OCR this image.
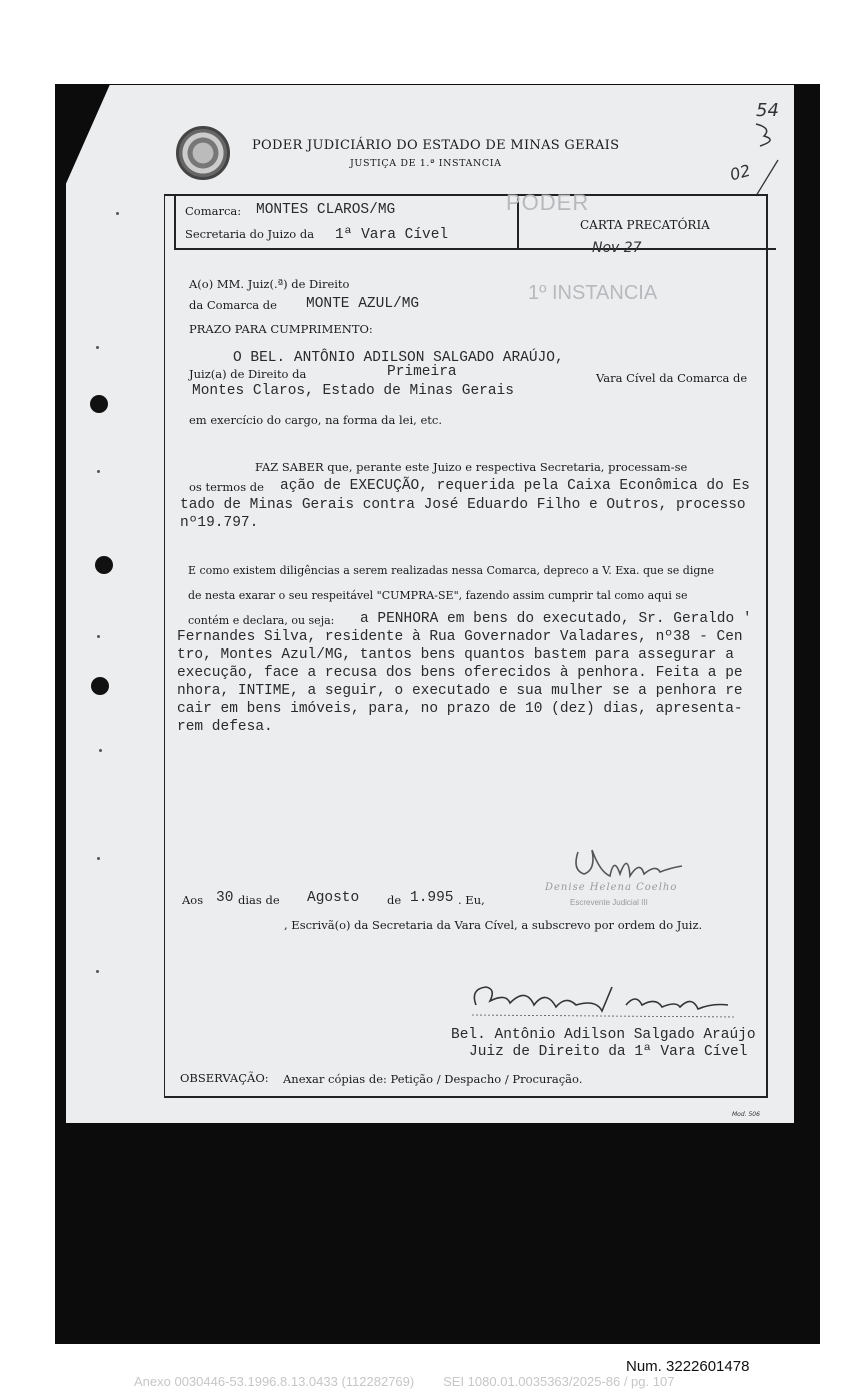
PODER JUDICIÁRIO DO ESTADO DE MINAS GERAIS
JUSTIÇA DE 1.ª INSTANCIA
54
02
PODER
1º INSTANCIA
Comarca: MONTES CLAROS/MG
Secretaria do Juizo da 1ª Vara Cível
CARTA PRECATÓRIA
Nov 27
A(o) MM. Juiz(.ª) de Direito
da Comarca de MONTE AZUL/MG
PRAZO PARA CUMPRIMENTO:
O BEL. ANTÔNIO ADILSON SALGADO ARAÚJO,
Juiz(a) de Direito da	Primeira	Vara Cível da Comarca de
Montes Claros, Estado de Minas Gerais
em exercício do cargo, na forma da lei, etc.
FAZ SABER que, perante este Juizo e respectiva Secretaria, processam-se
os termos de ação de EXECUÇÃO, requerida pela Caixa Econômica do Es
tado de Minas Gerais contra José Eduardo Filho e Outros, processo
nº19.797.
E como existem diligências a serem realizadas nessa Comarca, depreco a V. Exa. que se digne
de nesta exarar o seu respeitável "CUMPRA-SE", fazendo assim cumprir tal como aqui se
contém e declara, ou seja: a PENHORA em bens do executado, Sr. Geraldo '
Fernandes Silva, residente à Rua Governador Valadares, nº38 - Cen
tro, Montes Azul/MG, tantos bens quantos bastem para assegurar a
execução, face a recusa dos bens oferecidos à penhora. Feita a pe
nhora, INTIME, a seguir, o executado e sua mulher se a penhora re
cair em bens imóveis, para, no prazo de 10 (dez) dias, apresenta-
rem defesa.
Denise Helena Coelho
Escrevente Judicial III
Aos 30 dias de Agosto de 1.995 . Eu,
, Escrivã(o) da Secretaria da Vara Cível, a subscrevo por ordem do Juiz.
Bel. Antônio Adilson Salgado Araújo
Juiz de Direito da 1ª Vara Cível
OBSERVAÇÃO: Anexar cópias de: Petição / Despacho / Procuração.
Mod. 506
Num. 3222601478
Anexo 0030446-53.1996.8.13.0433 (112282769)        SEI 1080.01.0035363/2025-86 / pg. 107
